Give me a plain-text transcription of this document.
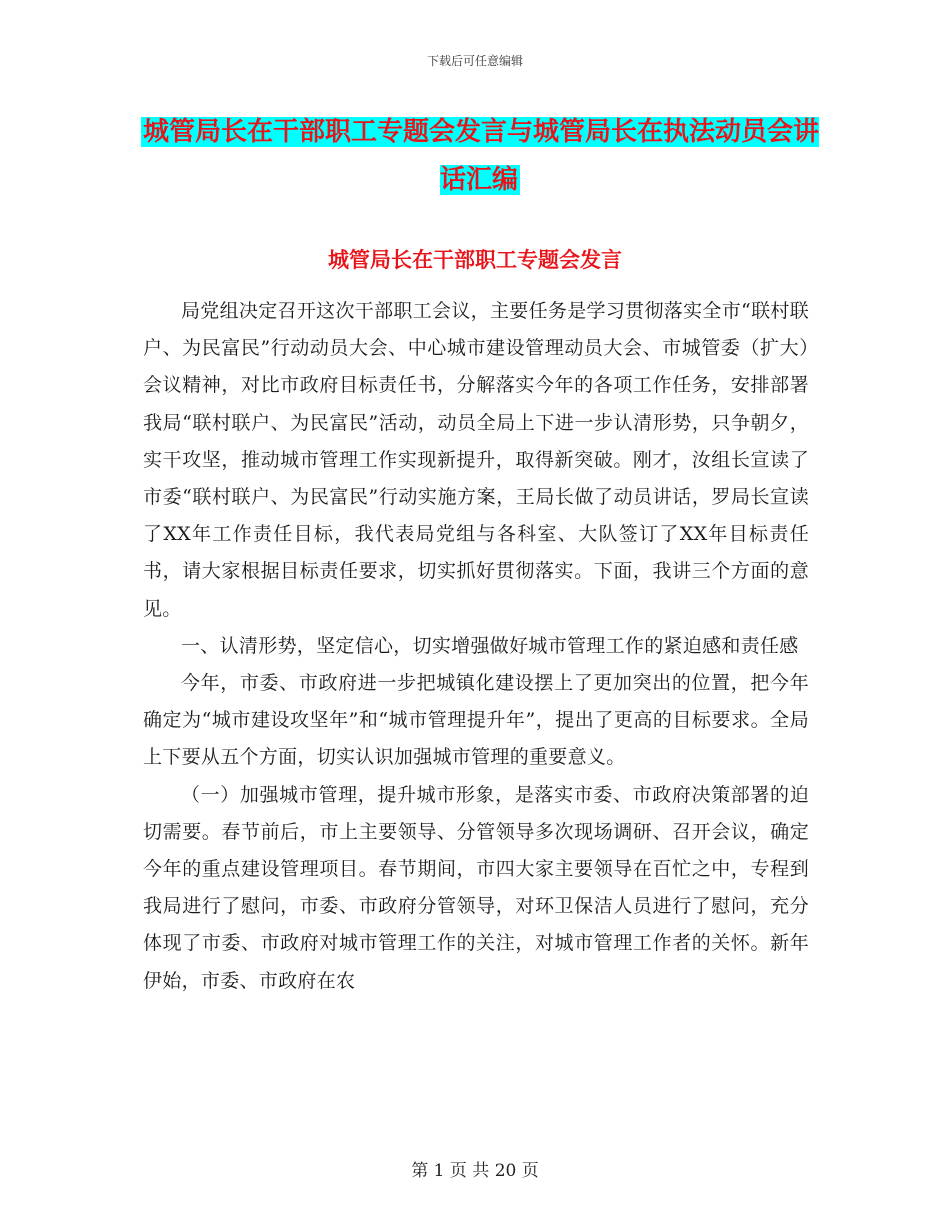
下载后可任意编辑
城管局长在干部职工专题会发言与城管局长在执法动员会讲话汇编
城管局长在干部职工专题会发言

局党组决定召开这次干部职工会议，主要任务是学习贯彻落实全市“联村联户、为民富民”行动动员大会、中心城市建设管理动员大会、市城管委（扩大）会议精神，对比市政府目标责任书，分解落实今年的各项工作任务，安排部署我局“联村联户、为民富民”活动，动员全局上下进一步认清形势，只争朝夕，实干攻坚，推动城市管理工作实现新提升，取得新突破。刚才，汝组长宣读了市委“联村联户、为民富民”行动实施方案，王局长做了动员讲话，罗局长宣读了XX年工作责任目标，我代表局党组与各科室、大队签订了XX年目标责任书，请大家根据目标责任要求，切实抓好贯彻落实。下面，我讲三个方面的意见。

一、认清形势，坚定信心，切实增强做好城市管理工作的紧迫感和责任感

今年，市委、市政府进一步把城镇化建设摆上了更加突出的位置，把今年确定为“城市建设攻坚年”和“城市管理提升年”，提出了更高的目标要求。全局上下要从五个方面，切实认识加强城市管理的重要意义。

（一）加强城市管理，提升城市形象，是落实市委、市政府决策部署的迫切需要。春节前后，市上主要领导、分管领导多次现场调研、召开会议，确定今年的重点建设管理项目。春节期间，市四大家主要领导在百忙之中，专程到我局进行了慰问，市委、市政府分管领导，对环卫保洁人员进行了慰问，充分体现了市委、市政府对城市管理工作的关注，对城市管理工作者的关怀。新年伊始，市委、市政府在农

第 1 页 共 20 页
